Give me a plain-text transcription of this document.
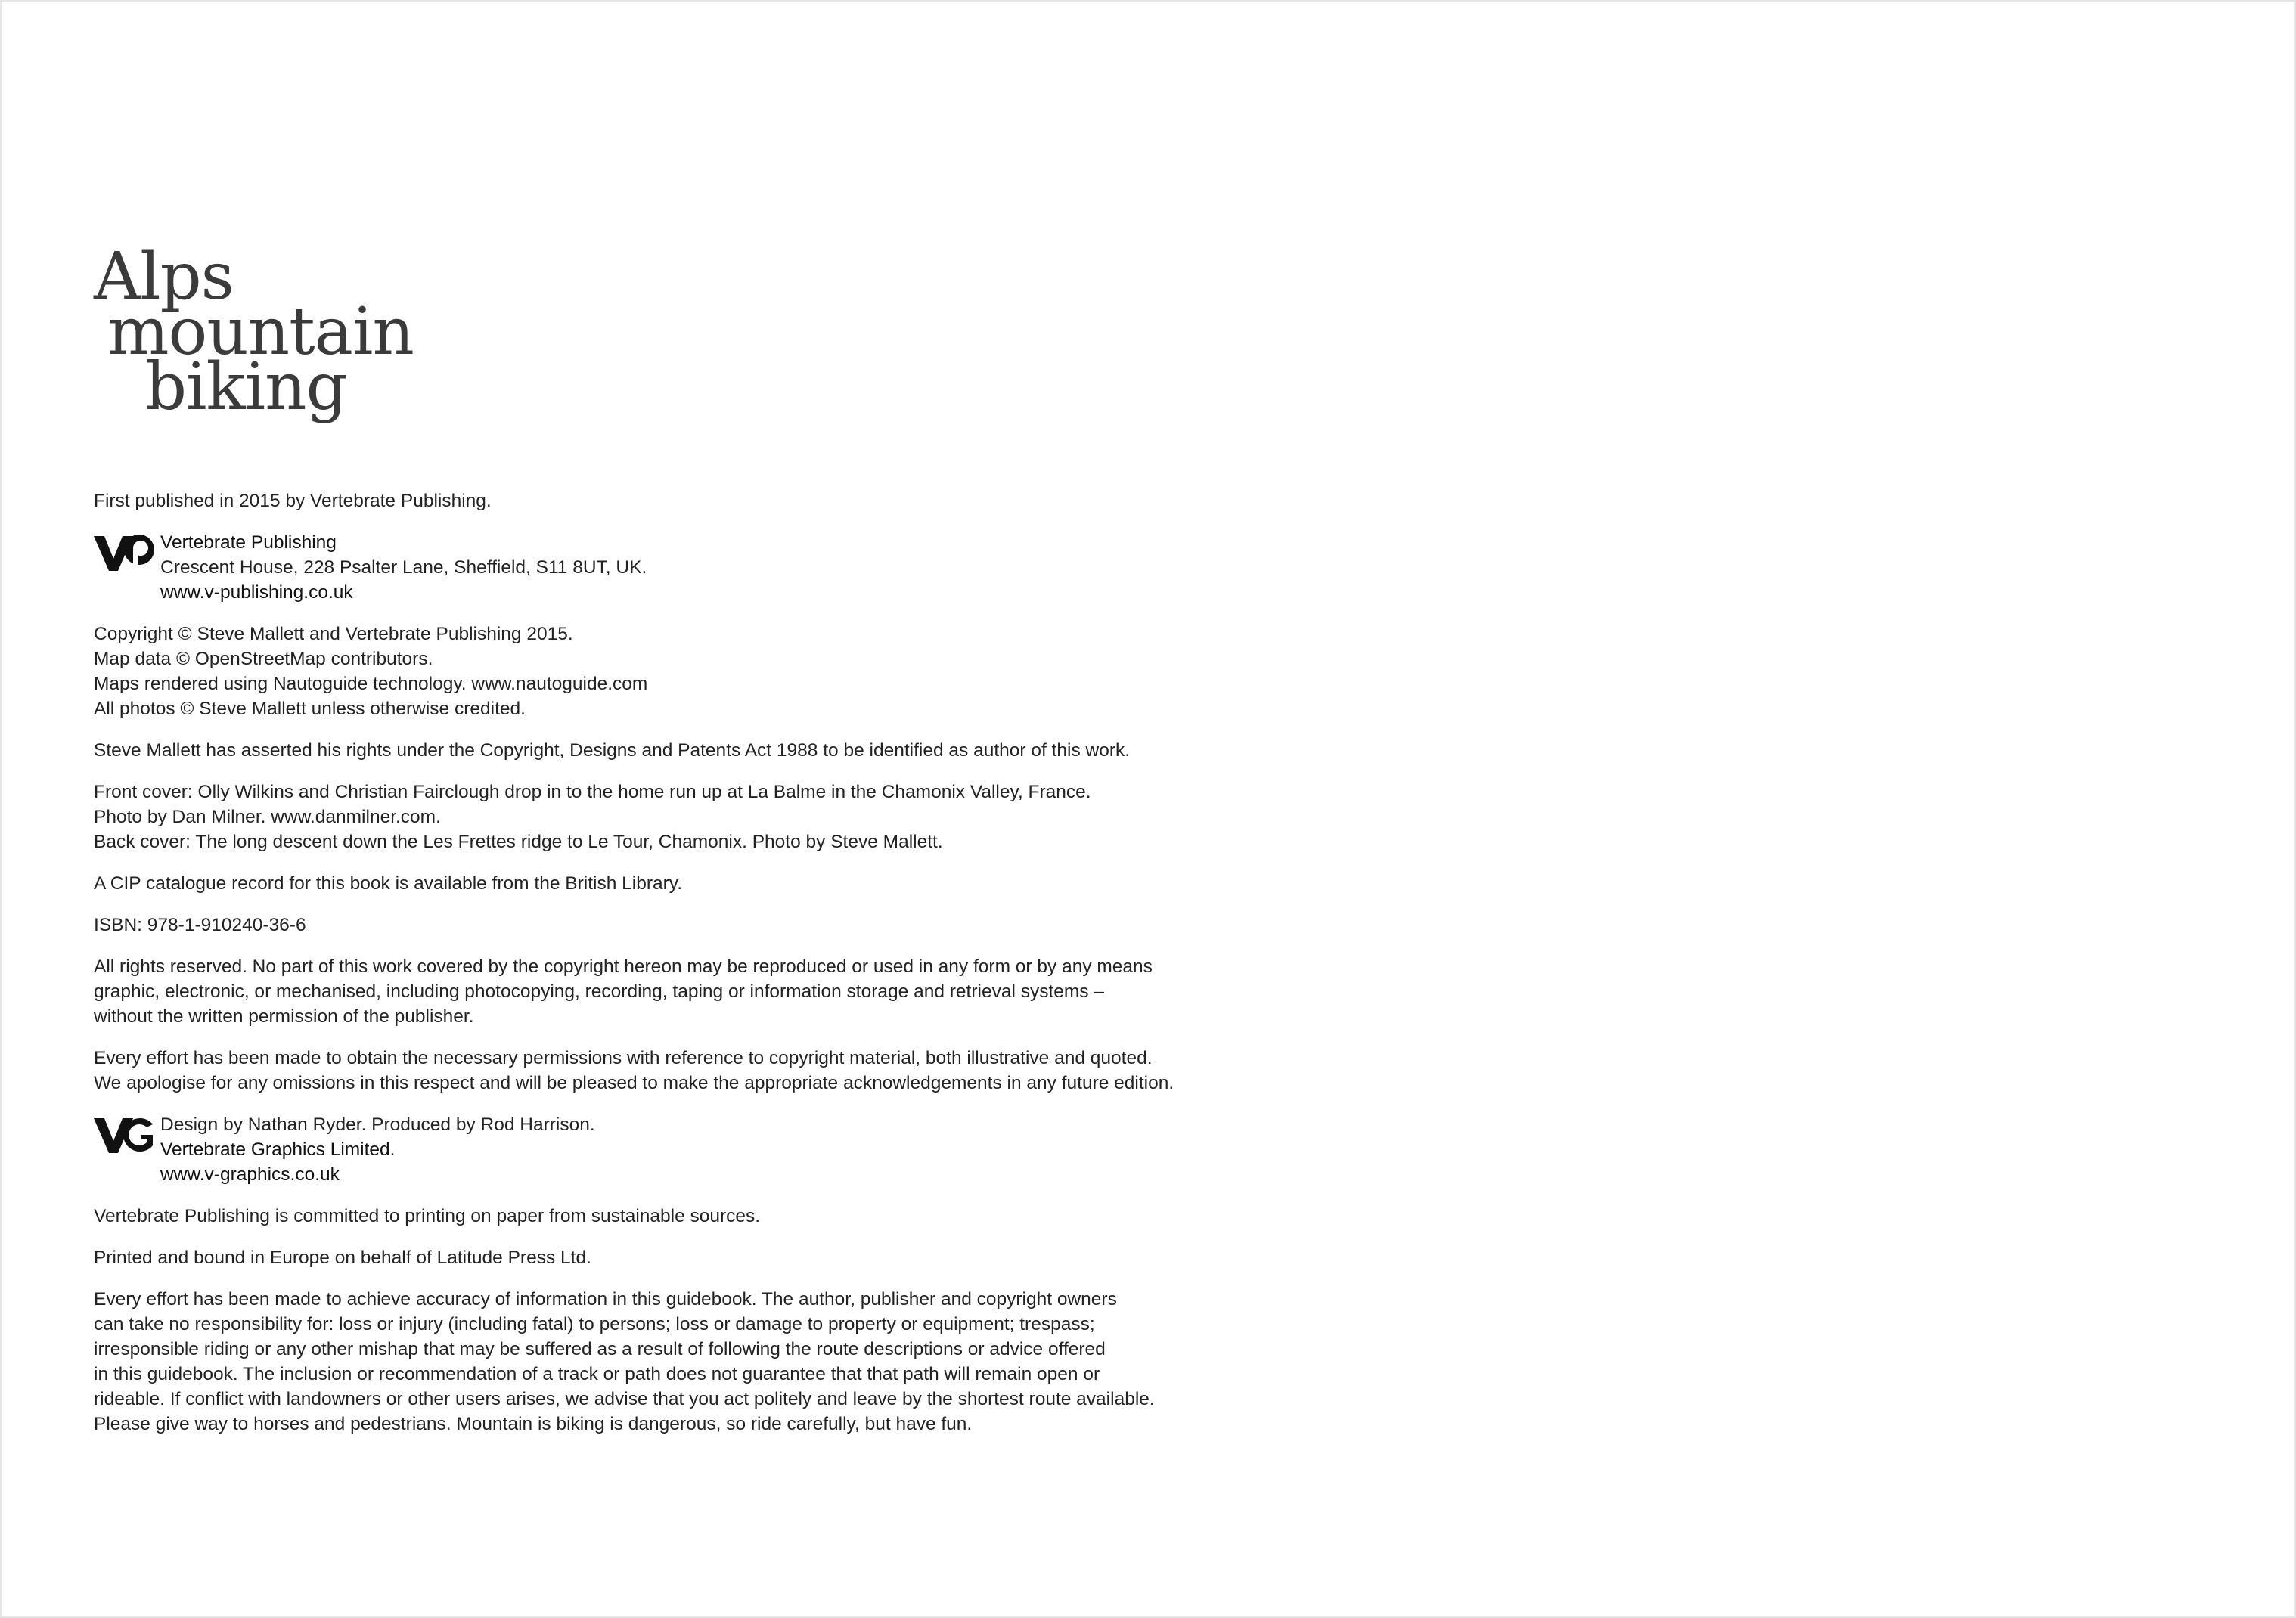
Alps
mountain
biking

First published in 2015 by Vertebrate Publishing.

Vertebrate Publishing
Crescent House, 228 Psalter Lane, Sheffield, S11 8UT, UK.
www.v-publishing.co.uk

Copyright © Steve Mallett and Vertebrate Publishing 2015.
Map data © OpenStreetMap contributors.
Maps rendered using Nautoguide technology. www.nautoguide.com
All photos © Steve Mallett unless otherwise credited.

Steve Mallett has asserted his rights under the Copyright, Designs and Patents Act 1988 to be identified as author of this work.

Front cover: Olly Wilkins and Christian Fairclough drop in to the home run up at La Balme in the Chamonix Valley, France.
Photo by Dan Milner. www.danmilner.com.
Back cover: The long descent down the Les Frettes ridge to Le Tour, Chamonix. Photo by Steve Mallett.

A CIP catalogue record for this book is available from the British Library.

ISBN: 978-1-910240-36-6

All rights reserved. No part of this work covered by the copyright hereon may be reproduced or used in any form or by any means
graphic, electronic, or mechanised, including photocopying, recording, taping or information storage and retrieval systems –
without the written permission of the publisher.

Every effort has been made to obtain the necessary permissions with reference to copyright material, both illustrative and quoted.
We apologise for any omissions in this respect and will be pleased to make the appropriate acknowledgements in any future edition.

Design by Nathan Ryder. Produced by Rod Harrison.
Vertebrate Graphics Limited.
www.v-graphics.co.uk

Vertebrate Publishing is committed to printing on paper from sustainable sources.

Printed and bound in Europe on behalf of Latitude Press Ltd.

Every effort has been made to achieve accuracy of information in this guidebook. The author, publisher and copyright owners
can take no responsibility for: loss or injury (including fatal) to persons; loss or damage to property or equipment; trespass;
irresponsible riding or any other mishap that may be suffered as a result of following the route descriptions or advice offered
in this guidebook. The inclusion or recommendation of a track or path does not guarantee that that path will remain open or
rideable. If conflict with landowners or other users arises, we advise that you act politely and leave by the shortest route available.
Please give way to horses and pedestrians. Mountain is biking is dangerous, so ride carefully, but have fun.
